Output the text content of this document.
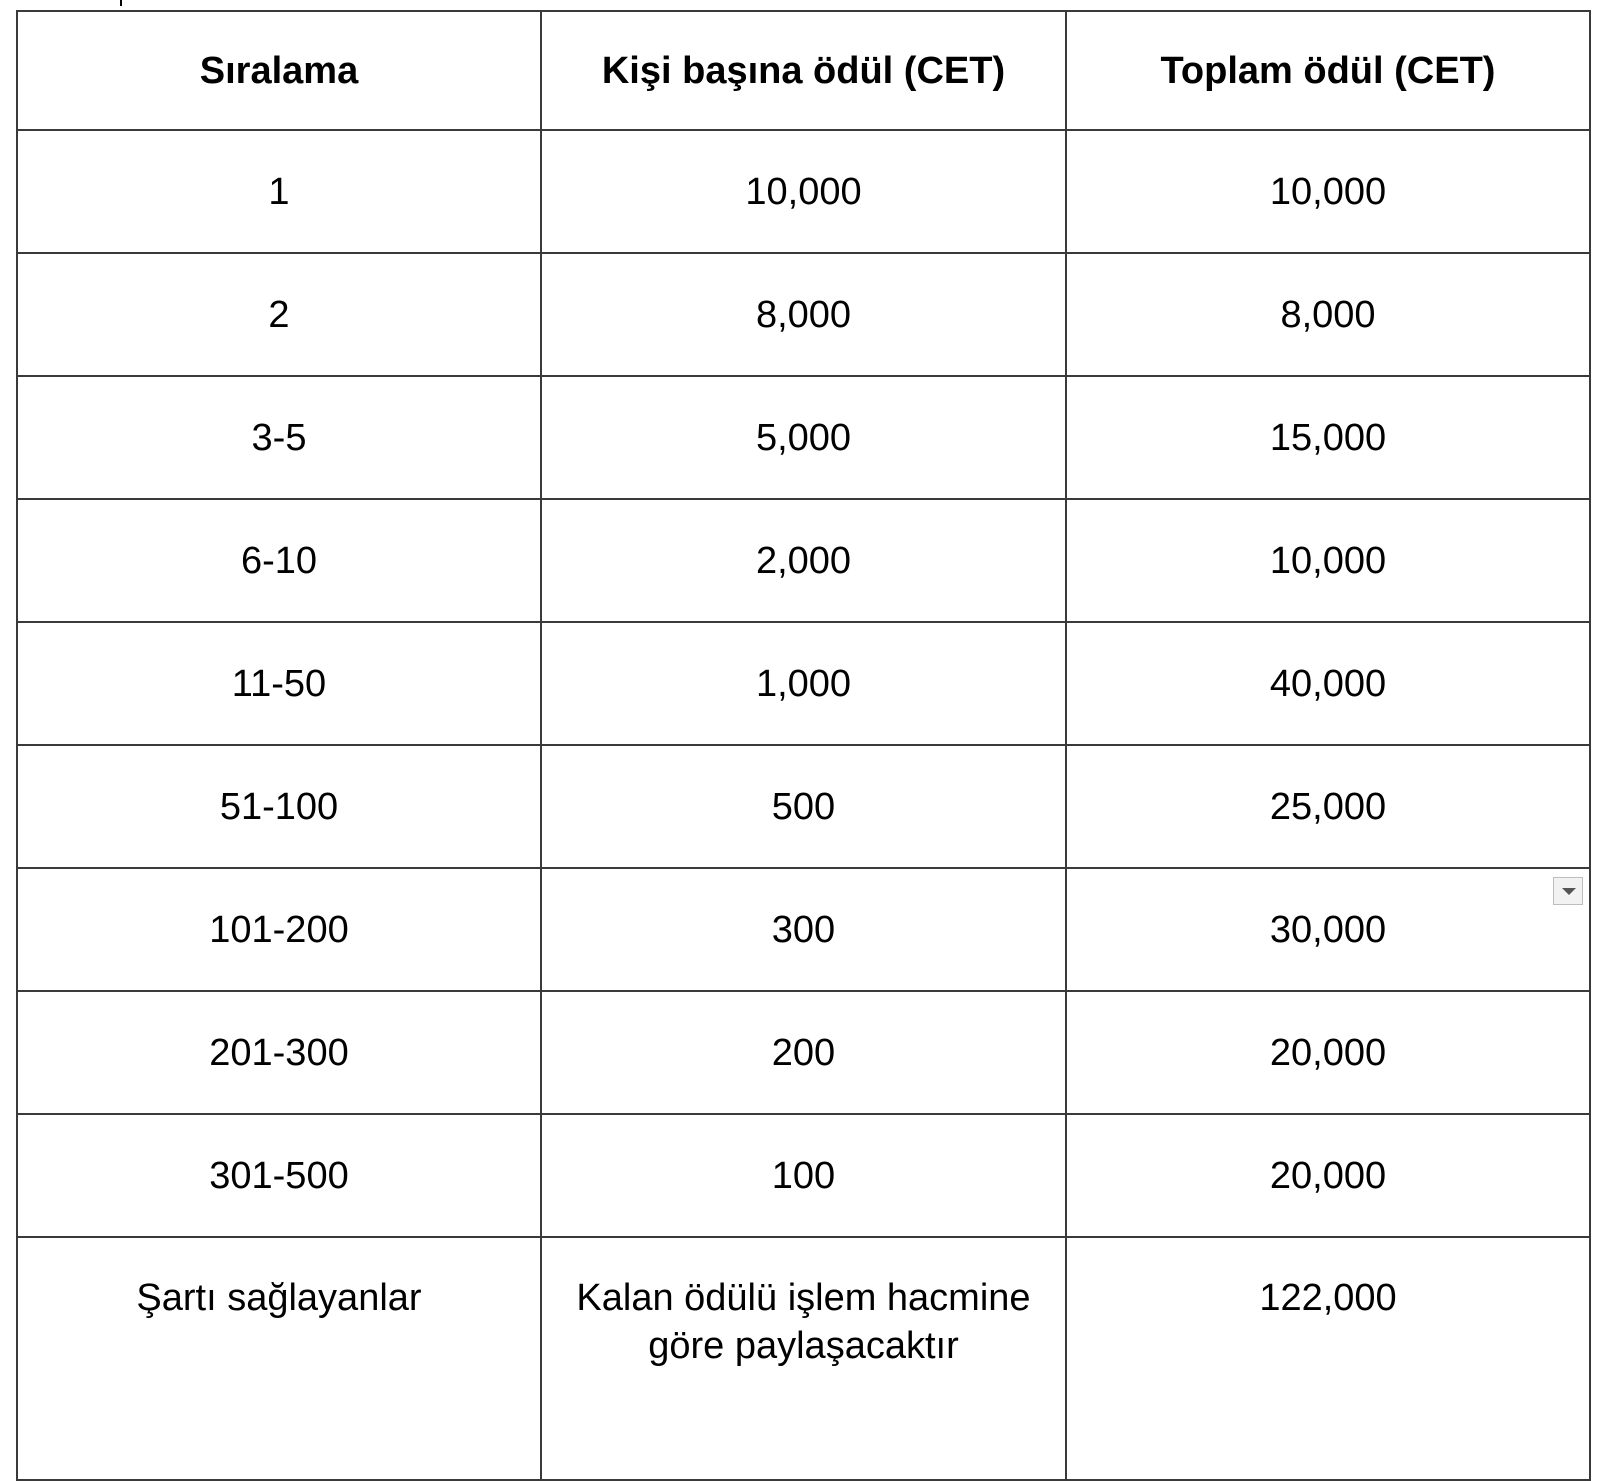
Sıralama	Kişi başına ödül (CET)	Toplam ödül (CET)
1	10,000	10,000
2	8,000	8,000
3-5	5,000	15,000
6-10	2,000	10,000
11-50	1,000	40,000
51-100	500	25,000
101-200	300	30,000

201-300	200	20,000
301-500	100	20,000
Şartı sağlayanlar	Kalan ödülü işlem hacmine göre paylaşacaktır	122,000
